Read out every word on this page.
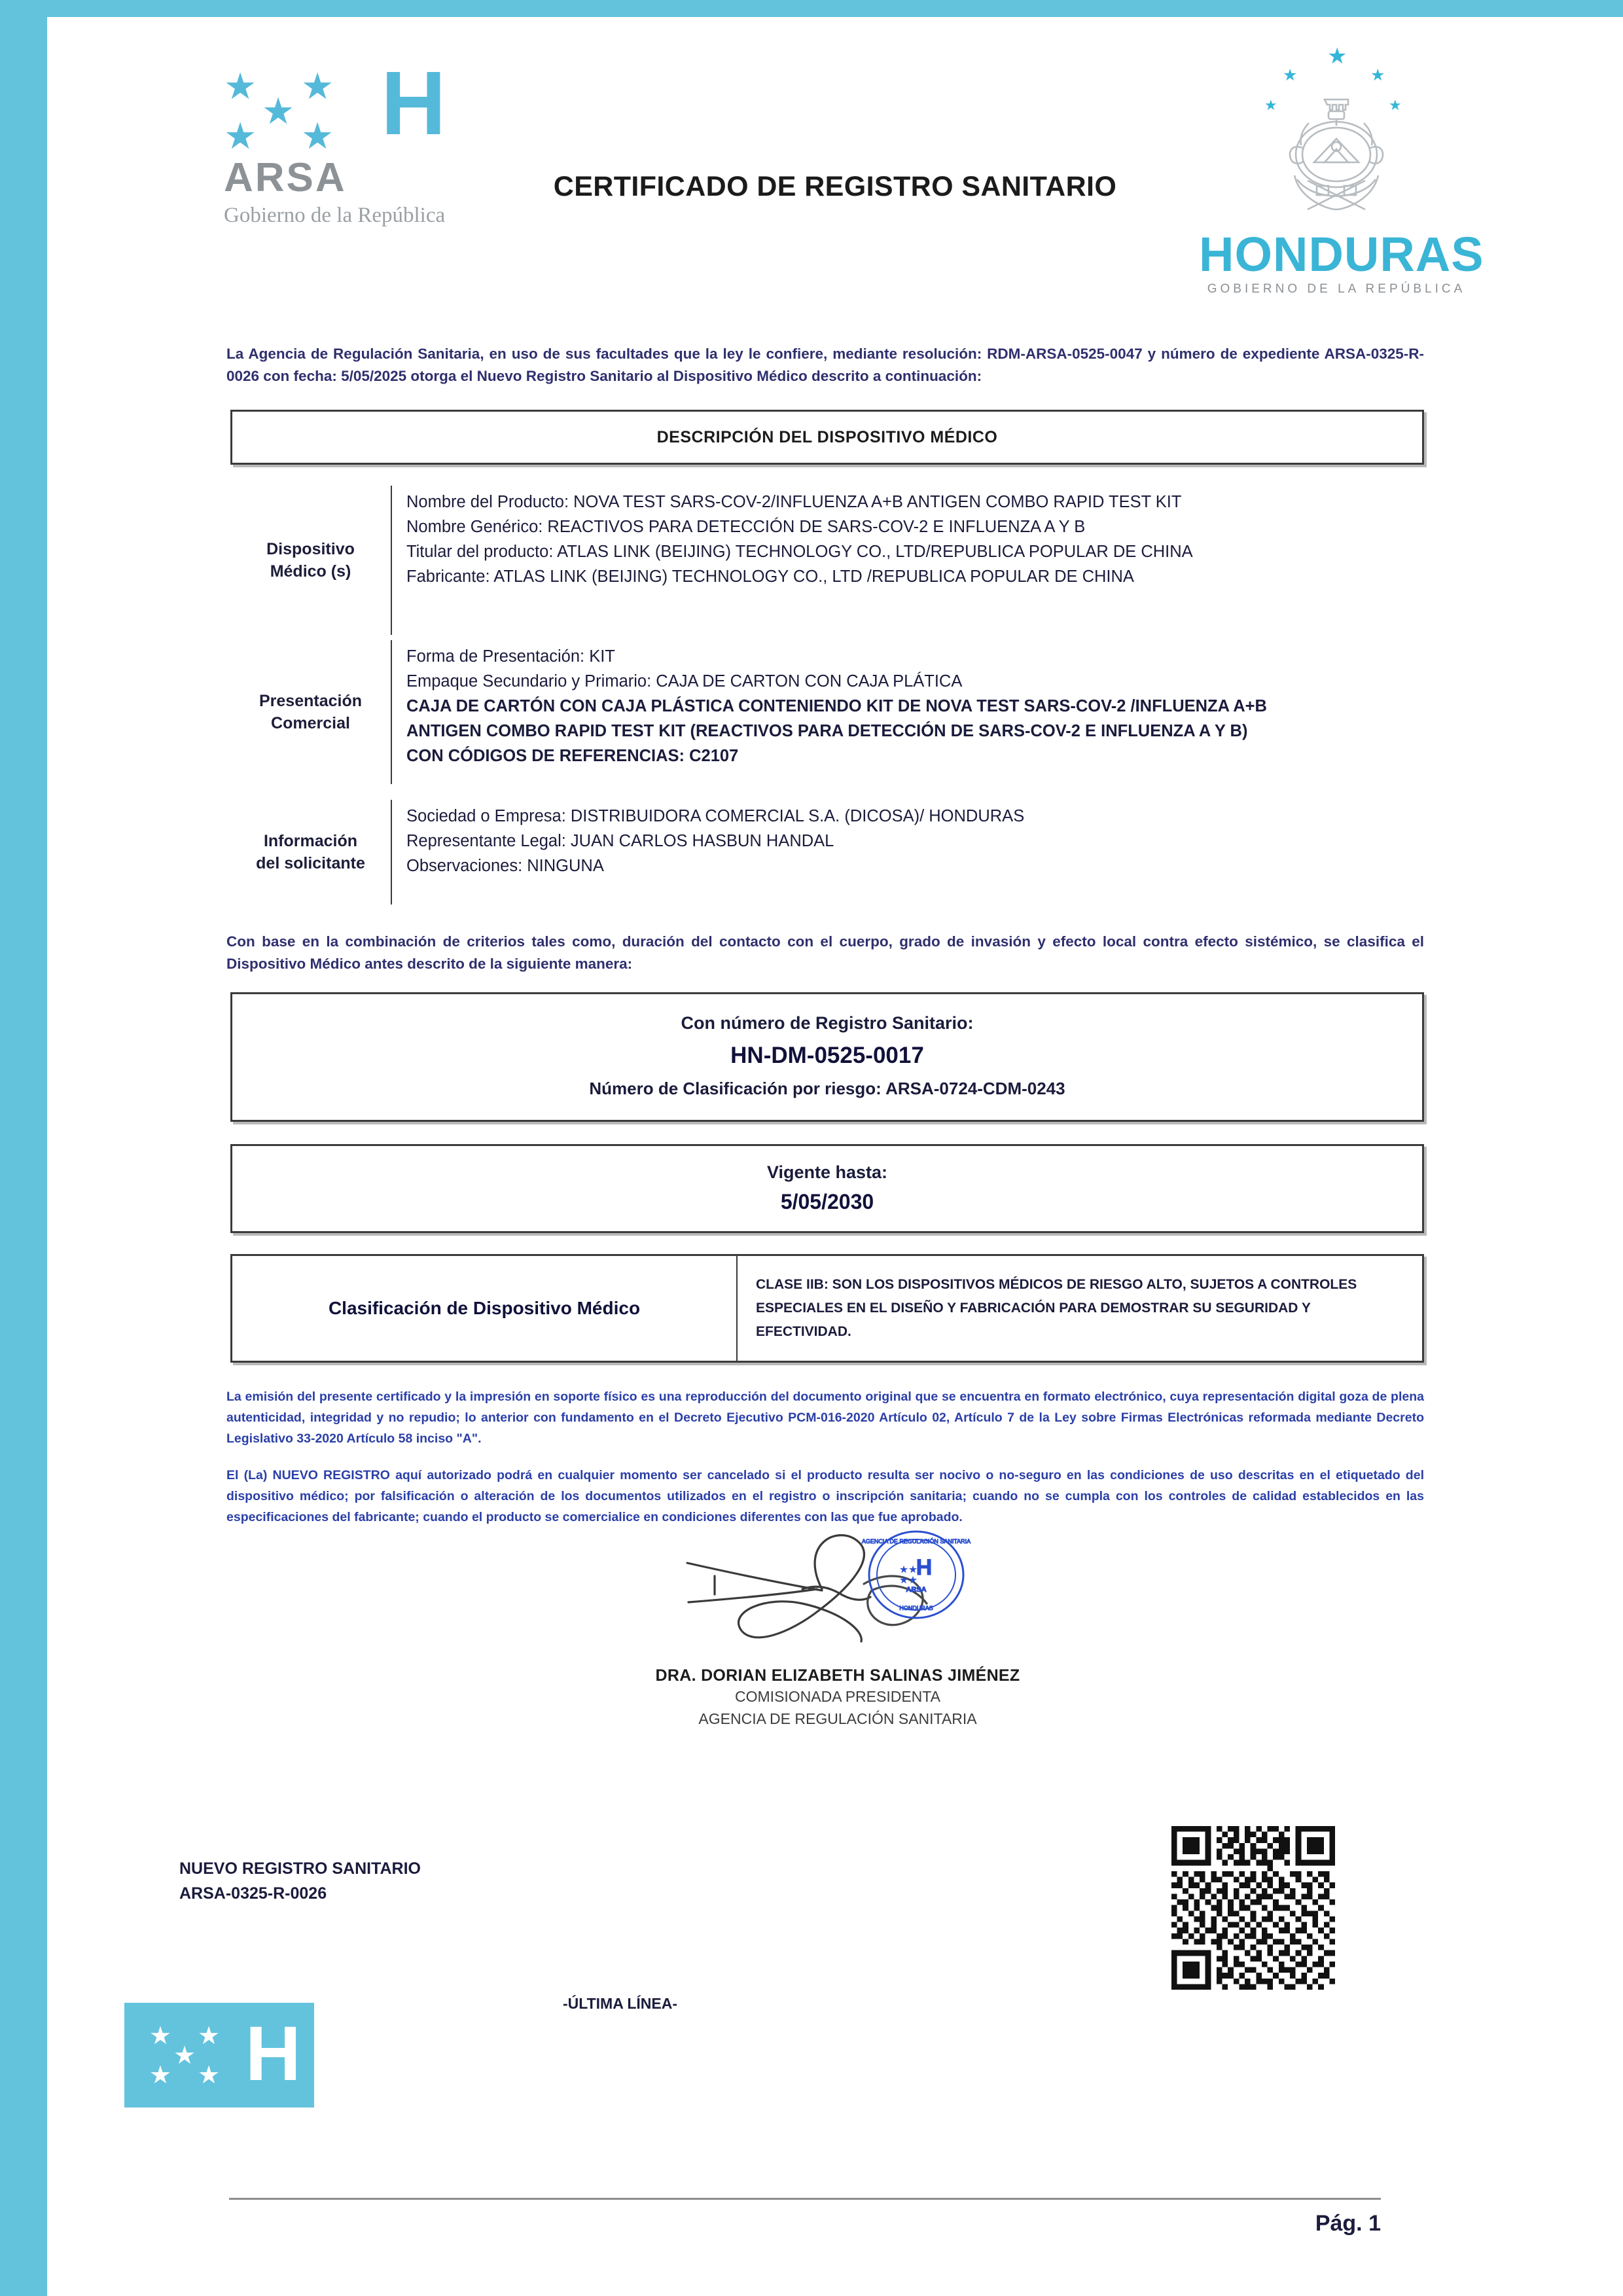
★ ★
★
★ ★ H
ARSA
Gobierno de la República
★
★	★
★	★
HONDURAS
GOBIERNO DE LA REPÚBLICA
CERTIFICADO DE REGISTRO SANITARIO
La Agencia de Regulación Sanitaria, en uso de sus facultades que la ley le confiere, mediante resolución: RDM-ARSA-0525-0047 y número de expediente ARSA-0325-R-0026 con fecha: 5/05/2025 otorga el Nuevo Registro Sanitario al Dispositivo Médico descrito a continuación:
DESCRIPCIÓN DEL DISPOSITIVO MÉDICO
Dispositivo
Médico (s)
Nombre del Producto: NOVA TEST SARS-COV-2/INFLUENZA A+B ANTIGEN COMBO RAPID TEST KIT
Nombre Genérico: REACTIVOS PARA DETECCIÓN DE SARS-COV-2 E INFLUENZA A Y B
Titular del producto: ATLAS LINK (BEIJING) TECHNOLOGY CO., LTD/REPUBLICA POPULAR DE CHINA
Fabricante: ATLAS LINK (BEIJING) TECHNOLOGY CO., LTD /REPUBLICA POPULAR DE CHINA
Presentación
Comercial
Forma de Presentación: KIT
Empaque Secundario y Primario: CAJA DE CARTON CON CAJA PLÁTICA
CAJA DE CARTÓN CON CAJA PLÁSTICA CONTENIENDO KIT DE NOVA TEST SARS-COV-2 /INFLUENZA A+B
ANTIGEN COMBO RAPID TEST KIT (REACTIVOS PARA DETECCIÓN DE SARS-COV-2 E INFLUENZA A Y B)
CON CÓDIGOS DE REFERENCIAS: C2107
Información
del solicitante
Sociedad o Empresa: DISTRIBUIDORA COMERCIAL S.A. (DICOSA)/ HONDURAS
Representante Legal: JUAN CARLOS HASBUN HANDAL
Observaciones: NINGUNA
Con base en la combinación de criterios tales como, duración del contacto con el cuerpo, grado de invasión y efecto local contra efecto sistémico, se clasifica el Dispositivo Médico antes descrito de la siguiente manera:
Con número de Registro Sanitario:
HN-DM-0525-0017
Número de Clasificación por riesgo: ARSA-0724-CDM-0243
Vigente hasta:
5/05/2030
Clasificación de Dispositivo Médico
CLASE IIB: SON LOS DISPOSITIVOS MÉDICOS DE RIESGO ALTO, SUJETOS A CONTROLES ESPECIALES EN EL DISEÑO Y FABRICACIÓN PARA DEMOSTRAR SU SEGURIDAD Y EFECTIVIDAD.
La emisión del presente certificado y la impresión en soporte físico es una reproducción del documento original que se encuentra en formato electrónico, cuya representación digital goza de plena autenticidad, integridad y no repudio; lo anterior con fundamento en el Decreto Ejecutivo PCM-016-2020 Artículo 02, Artículo 7 de la Ley sobre Firmas Electrónicas reformada mediante Decreto Legislativo 33-2020 Artículo 58 inciso "A".
El (La) NUEVO REGISTRO aquí autorizado podrá en cualquier momento ser cancelado si el producto resulta ser nocivo o no-seguro en las condiciones de uso descritas en el etiquetado del dispositivo médico; por falsificación o alteración de los documentos utilizados en el registro o inscripción sanitaria; cuando no se cumpla con los controles de calidad establecidos en las especificaciones del fabricante; cuando el producto se comercialice en condiciones diferentes con las que fue aprobado.
AGENCIA DE REGULACIÓN SANITARIA
HONDURAS
H
★ ★
★ ★
ARSA
DRA. DORIAN ELIZABETH SALINAS JIMÉNEZ
COMISIONADA PRESIDENTA
AGENCIA DE REGULACIÓN SANITARIA
NUEVO REGISTRO SANITARIO
ARSA-0325-R-0026
-ÚLTIMA LÍNEA-
★ ★
★
★ ★ H
Pág. 1
